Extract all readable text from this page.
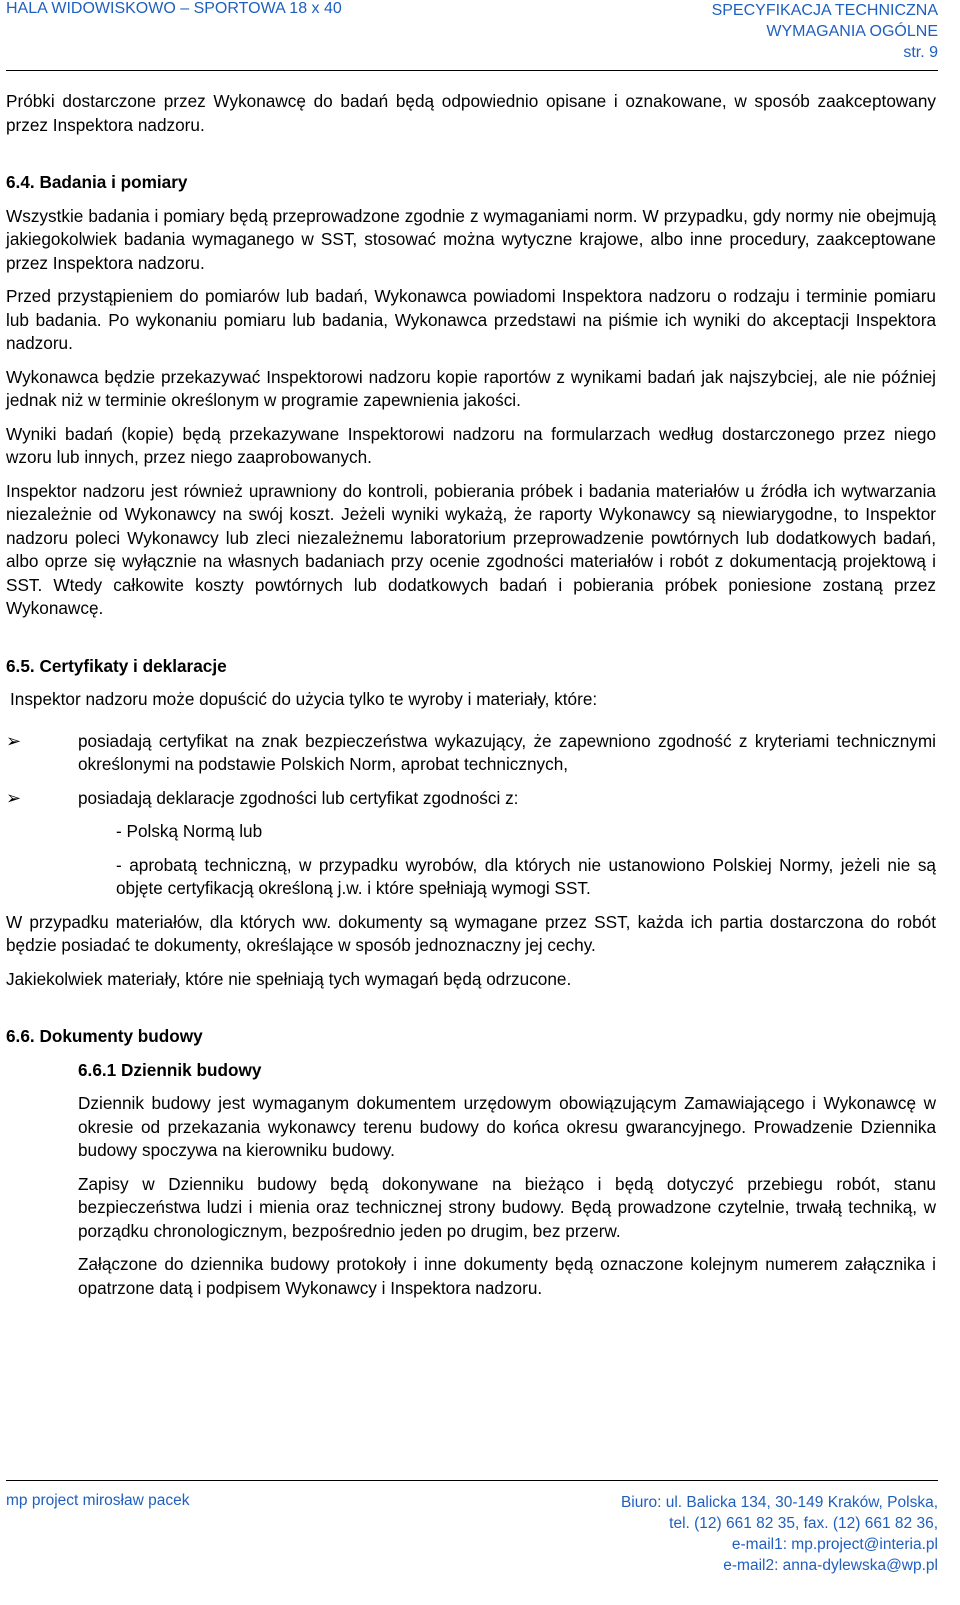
HALA WIDOWISKOWO – SPORTOWA 18 x 40	SPECYFIKACJA TECHNICZNA
WYMAGANIA OGÓLNE
str. 9

Próbki dostarczone przez Wykonawcę do badań będą odpowiednio opisane i oznakowane, w sposób zaakceptowany przez Inspektora nadzoru.

6.4. Badania i pomiary

Wszystkie badania i pomiary będą przeprowadzone zgodnie z wymaganiami norm. W przypadku, gdy normy nie obejmują jakiegokolwiek badania wymaganego w SST, stosować można wytyczne krajowe, albo inne procedury, zaakceptowane przez Inspektora nadzoru.

Przed przystąpieniem do pomiarów lub badań, Wykonawca powiadomi Inspektora nadzoru o rodzaju i terminie pomiaru lub badania. Po wykonaniu pomiaru lub badania, Wykonawca przedstawi na piśmie ich wyniki do akceptacji Inspektora nadzoru.

Wykonawca będzie przekazywać Inspektorowi nadzoru kopie raportów z wynikami badań jak najszybciej, ale nie później jednak niż w terminie określonym w programie zapewnienia jakości.

Wyniki badań (kopie) będą przekazywane Inspektorowi nadzoru na formularzach według dostarczonego przez niego wzoru lub innych, przez niego zaaprobowanych.

Inspektor nadzoru jest również uprawniony do kontroli, pobierania próbek i badania materiałów u źródła ich wytwarzania niezależnie od Wykonawcy na swój koszt. Jeżeli wyniki wykażą, że raporty Wykonawcy są niewiarygodne, to Inspektor nadzoru poleci Wykonawcy lub zleci niezależnemu laboratorium przeprowadzenie powtórnych lub dodatkowych badań, albo oprze się wyłącznie na własnych badaniach przy ocenie zgodności materiałów i robót z dokumentacją projektową i SST. Wtedy całkowite koszty powtórnych lub dodatkowych badań i pobierania próbek poniesione zostaną przez Wykonawcę.

6.5. Certyfikaty i deklaracje

Inspektor nadzoru może dopuścić do użycia tylko te wyroby i materiały, które:

➢	posiadają certyfikat na znak bezpieczeństwa wykazujący, że zapewniono zgodność z kryteriami technicznymi określonymi na podstawie Polskich Norm, aprobat technicznych,
➢	posiadają deklaracje zgodności lub certyfikat zgodności z:
- Polską Normą lub
- aprobatą techniczną, w przypadku wyrobów, dla których nie ustanowiono Polskiej Normy, jeżeli nie są objęte certyfikacją określoną j.w. i które spełniają wymogi SST.

W przypadku materiałów, dla których ww. dokumenty są wymagane przez SST, każda ich partia dostarczona do robót będzie posiadać te dokumenty, określające w sposób jednoznaczny jej cechy.

Jakiekolwiek materiały, które nie spełniają tych wymagań będą odrzucone.

6.6. Dokumenty budowy
6.6.1 Dziennik budowy

Dziennik budowy jest wymaganym dokumentem urzędowym obowiązującym Zamawiającego i Wykonawcę w okresie od przekazania wykonawcy terenu budowy do końca okresu gwarancyjnego. Prowadzenie Dziennika budowy spoczywa na kierowniku budowy.

Zapisy w Dzienniku budowy będą dokonywane na bieżąco i będą dotyczyć przebiegu robót, stanu bezpieczeństwa ludzi i mienia oraz technicznej strony budowy. Będą prowadzone czytelnie, trwałą techniką, w porządku chronologicznym, bezpośrednio jeden po drugim, bez przerw.

Załączone do dziennika budowy protokoły i inne dokumenty będą oznaczone kolejnym numerem załącznika i opatrzone datą i podpisem Wykonawcy i Inspektora nadzoru.

mp project mirosław pacek	Biuro: ul. Balicka 134, 30-149 Kraków, Polska,
tel. (12) 661 82 35, fax. (12) 661 82 36,
e-mail1: mp.project@interia.pl
e-mail2: anna-dylewska@wp.pl
